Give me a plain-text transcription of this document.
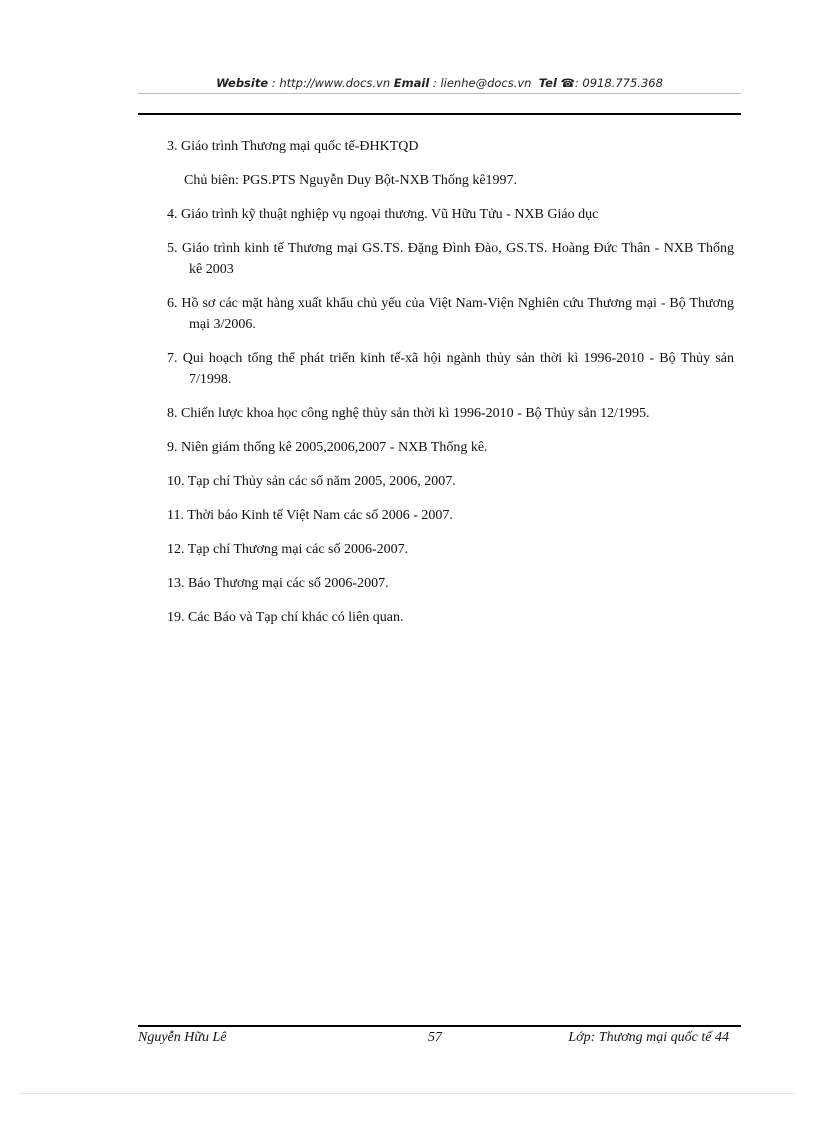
Website : http://www.docs.vn Email : lienhe@docs.vn Tel ☎: 0918.775.368

3. Giáo trình Thương mại quốc tế-ĐHKTQD

Chủ biên: PGS.PTS Nguyễn Duy Bột-NXB Thống kê1997.

4. Giáo trình kỹ thuật nghiệp vụ ngoại thương. Vũ Hữu Tửu - NXB Giáo dục

5. Giáo trình kinh tế Thương mại GS.TS. Đặng Đình Đào, GS.TS. Hoàng Đức Thân - NXB Thống kê 2003

6. Hồ sơ các mặt hàng xuất khẩu chủ yếu của Việt Nam-Viện Nghiên cứu Thương mại - Bộ Thương mại 3/2006.

7. Qui hoạch tổng thể phát triển kinh tế-xã hội ngành thủy sản thời kì 1996-2010 - Bộ Thủy sản 7/1998.

8. Chiến lược khoa học công nghệ thủy sản thời kì 1996-2010 - Bộ Thủy sản 12/1995.

9. Niên giám thống kê 2005,2006,2007 - NXB Thống kê.

10. Tạp chí Thủy sản các số năm 2005, 2006, 2007.

11. Thời báo Kinh tế Việt Nam các số 2006 - 2007.

12. Tạp chí Thương mại các số 2006-2007.

13. Báo Thương mại các số 2006-2007.

19. Các Báo và Tạp chí khác có liên quan.

Nguyễn Hữu Lê	57	Lớp: Thương mại quốc tế 44
